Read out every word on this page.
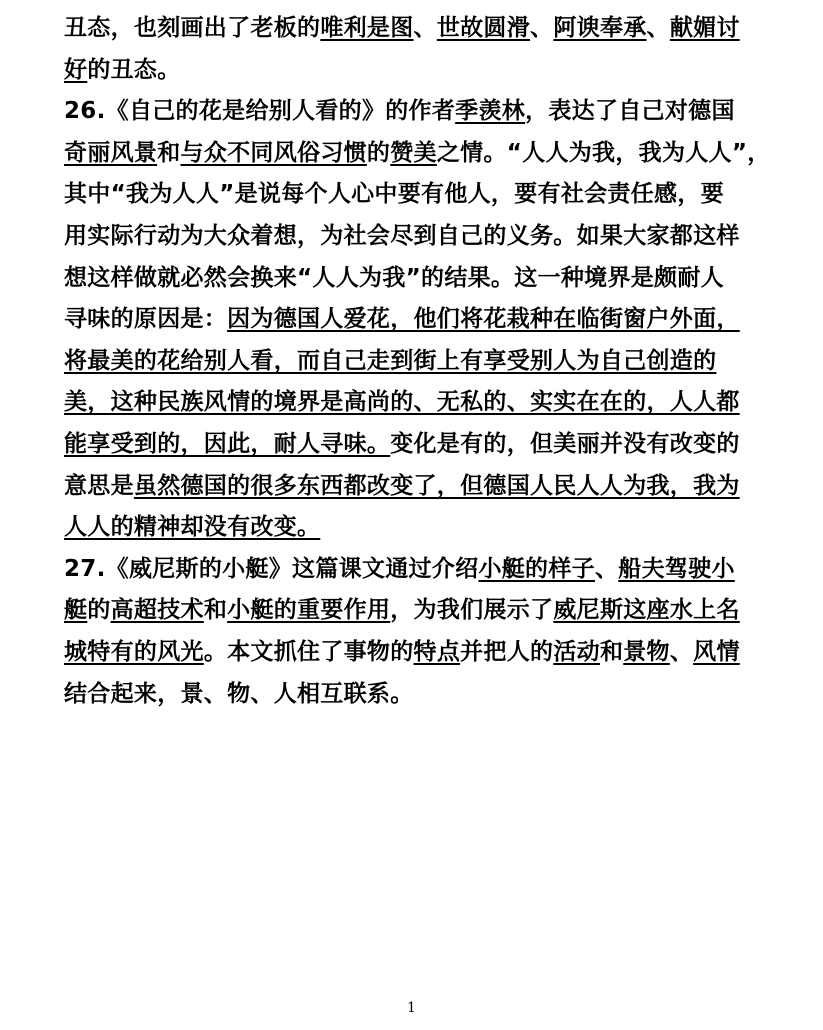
丑态，也刻画出了老板的唯利是图、世故圆滑、阿谀奉承、献媚讨
好的丑态。
26.《自己的花是给别人看的》的作者季羡林，表达了自己对德国
奇丽风景和与众不同风俗习惯的赞美之情。“人人为我，我为人人”，
其中“我为人人”是说每个人心中要有他人，要有社会责任感，要
用实际行动为大众着想，为社会尽到自己的义务。如果大家都这样
想这样做就必然会换来“人人为我”的结果。这一种境界是颇耐人
寻味的原因是：因为德国人爱花，他们将花栽种在临街窗户外面，
将最美的花给别人看，而自己走到街上有享受别人为自己创造的
美，这种民族风情的境界是高尚的、无私的、实实在在的，人人都
能享受到的，因此，耐人寻味。变化是有的，但美丽并没有改变的
意思是虽然德国的很多东西都改变了，但德国人民人人为我，我为
人人的精神却没有改变。
27.《威尼斯的小艇》这篇课文通过介绍小艇的样子、船夫驾驶小
艇的高超技术和小艇的重要作用，为我们展示了威尼斯这座水上名
城特有的风光。本文抓住了事物的特点并把人的活动和景物、风情
结合起来，景、物、人相互联系。
1
